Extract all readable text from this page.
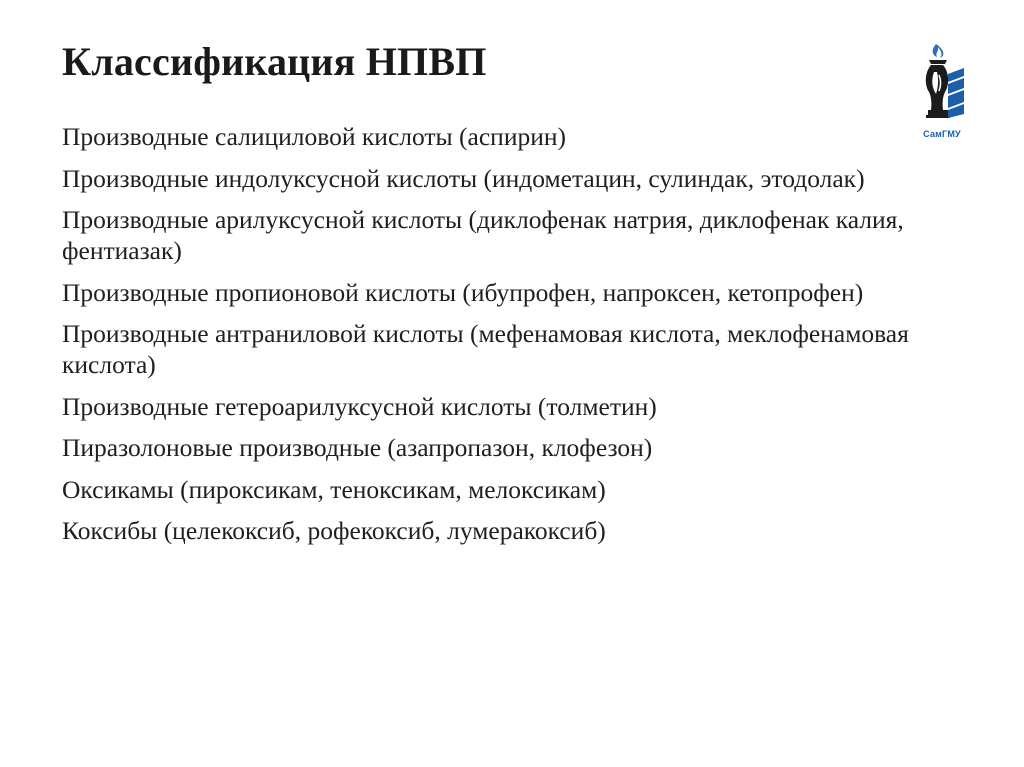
Классификация НПВП
СамГМУ
Производные салициловой кислоты (аспирин)
Производные индолуксусной кислоты (индометацин, сулиндак, этодолак)
Производные арилуксусной кислоты (диклофенак натрия, диклофенак калия, фентиазак)
Производные пропионовой кислоты (ибупрофен, напроксен, кетопрофен)
Производные антраниловой кислоты (мефенамовая кислота, меклофенамовая кислота)
Производные гетероарилуксусной кислоты (толметин)
Пиразолоновые производные (азапропазон, клофезон)
Оксикамы (пироксикам, теноксикам, мелоксикам)
Коксибы (целекоксиб, рофекоксиб, лумеракоксиб)
